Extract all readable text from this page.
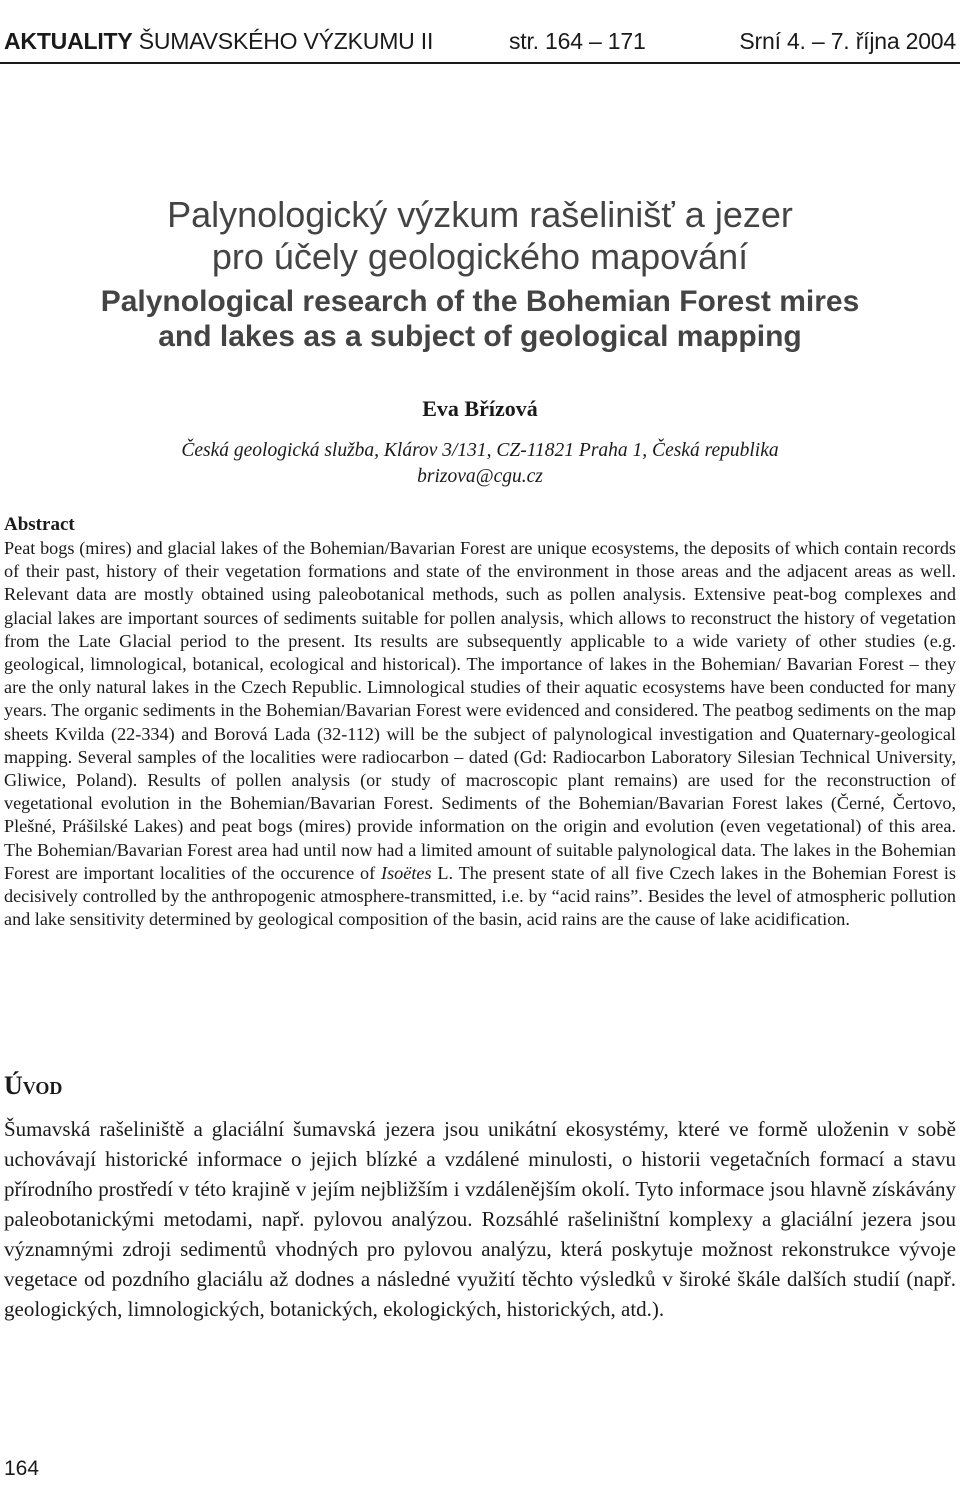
AKTUALITY ŠUMAVSKÉHO VÝZKUMU II	str. 164 – 171	Srní 4. – 7. října 2004
Palynologický výzkum rašelinišť a jezer
pro účely geologického mapování
Palynological research of the Bohemian Forest mires
and lakes as a subject of geological mapping
Eva Břízová
Česká geologická služba, Klárov 3/131, CZ-11821 Praha 1, Česká republika
brizova@cgu.cz
Abstract
Peat bogs (mires) and glacial lakes of the Bohemian/Bavarian Forest are unique ecosystems, the deposits of which contain records of their past, history of their vegetation formations and state of the environment in those areas and the adjacent areas as well. Relevant data are mostly obtained using paleobotanical methods, such as pollen analysis. Extensive peat-bog complexes and glacial lakes are important sources of sediments suitable for pollen analysis, which allows to reconstruct the history of vegetation from the Late Glacial period to the present. Its results are subsequently applicable to a wide variety of other studies (e.g. geological, limnological, botanical, ecological and historical). The importance of lakes in the Bohemian/ Bavarian Forest – they are the only natural lakes in the Czech Republic. Limnological studies of their aquatic ecosystems have been conducted for many years. The organic sediments in the Bohemian/Bavarian Forest were evidenced and considered. The peatbog sediments on the map sheets Kvilda (22-334) and Borová Lada (32-112) will be the subject of palynological investigation and Quaternary-geological mapping. Several samples of the localities were radiocarbon – dated (Gd: Radiocarbon Laboratory Silesian Technical University, Gliwice, Poland). Results of pollen analysis (or study of macroscopic plant remains) are used for the reconstruction of vegetational evolution in the Bohemian/Bavarian Forest. Sediments of the Bohemian/Bavarian Forest lakes (Černé, Čertovo, Plešné, Prášilské Lakes) and peat bogs (mires) provide information on the origin and evolution (even vegetational) of this area. The Bohemian/Bavarian Forest area had until now had a limited amount of suitable palynological data. The lakes in the Bohemian Forest are important localities of the occurence of Isoëtes L. The present state of all five Czech lakes in the Bohemian Forest is decisively controlled by the anthropogenic atmosphere-transmitted, i.e. by “acid rains”. Besides the level of atmospheric pollution and lake sensitivity determined by geological composition of the basin, acid rains are the cause of lake acidification.
Úvod
Šumavská rašeliniště a glaciální šumavská jezera jsou unikátní ekosystémy, které ve formě uloženin v sobě uchovávají historické informace o jejich blízké a vzdálené minulosti, o historii vegetačních formací a stavu přírodního prostředí v této krajině v jejím nejbližším i vzdálenějším okolí. Tyto informace jsou hlavně získávány paleobotanickými metodami, např. pylovou analýzou. Rozsáhlé rašeliništní komplexy a glaciální jezera jsou významnými zdroji sedimentů vhodných pro pylovou analýzu, která poskytuje možnost rekonstrukce vývoje vegetace od pozdního glaciálu až dodnes a následné využití těchto výsledků v široké škále dalších studií (např. geologických, limnologických, botanických, ekologických, historických, atd.).
164
